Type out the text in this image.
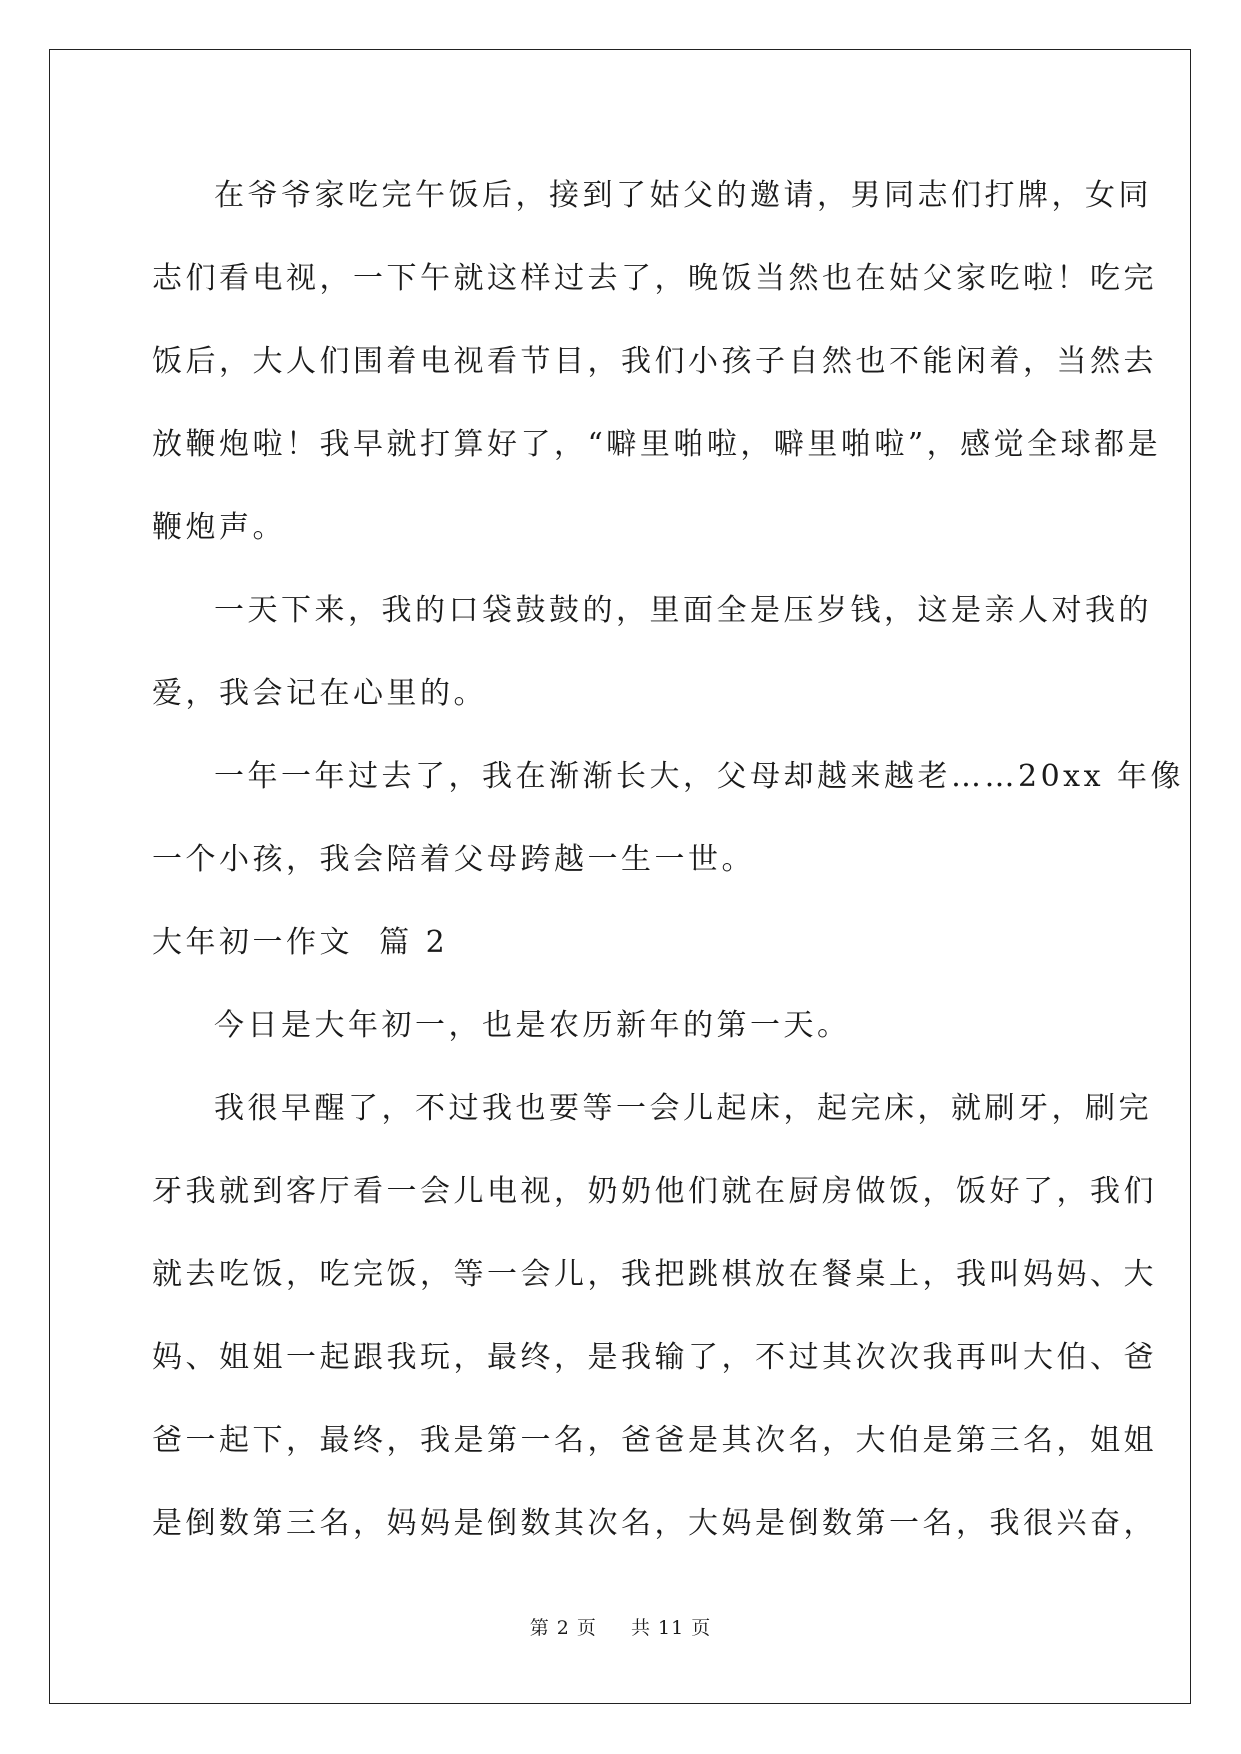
在爷爷家吃完午饭后，接到了姑父的邀请，男同志们打牌，女同
志们看电视，一下午就这样过去了，晚饭当然也在姑父家吃啦！吃完
饭后，大人们围着电视看节目，我们小孩子自然也不能闲着，当然去
放鞭炮啦！我早就打算好了，“噼里啪啦，噼里啪啦”，感觉全球都是
鞭炮声。
一天下来，我的口袋鼓鼓的，里面全是压岁钱，这是亲人对我的
爱，我会记在心里的。
一年一年过去了，我在渐渐长大，父母却越来越老……20xx 年像
一个小孩，我会陪着父母跨越一生一世。
大年初一作文  篇 2
今日是大年初一，也是农历新年的第一天。
我很早醒了，不过我也要等一会儿起床，起完床，就刷牙，刷完
牙我就到客厅看一会儿电视，奶奶他们就在厨房做饭，饭好了，我们
就去吃饭，吃完饭，等一会儿，我把跳棋放在餐桌上，我叫妈妈、大
妈、姐姐一起跟我玩，最终，是我输了，不过其次次我再叫大伯、爸
爸一起下，最终，我是第一名，爸爸是其次名，大伯是第三名，姐姐
是倒数第三名，妈妈是倒数其次名，大妈是倒数第一名，我很兴奋，
第 2 页 共 11 页
